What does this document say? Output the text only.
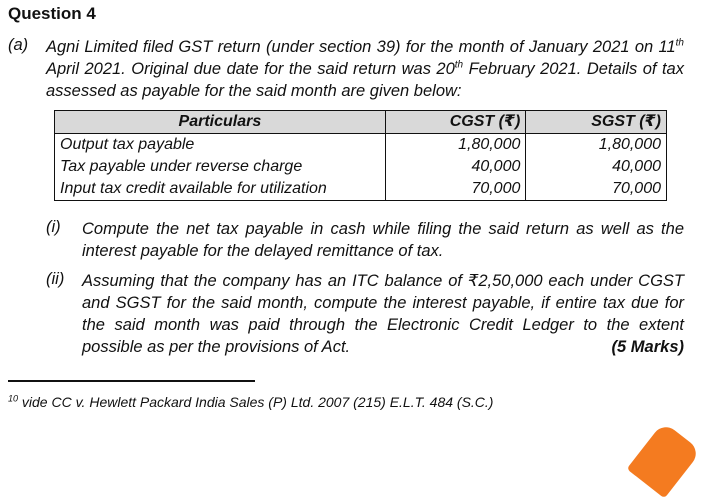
Question 4
(a) Agni Limited filed GST return (under section 39) for the month of January 2021 on 11th April 2021. Original due date for the said return was 20th February 2021. Details of tax assessed as payable for the said month are given below:
Particulars	CGST (₹)	SGST (₹)
Output tax payable	1,80,000	1,80,000
Tax payable under reverse charge	40,000	40,000
Input tax credit available for utilization	70,000	70,000
(i) Compute the net tax payable in cash while filing the said return as well as the interest payable for the delayed remittance of tax.
(ii) Assuming that the company has an ITC balance of ₹2,50,000 each under CGST and SGST for the said month, compute the interest payable, if entire tax due for the said month was paid through the Electronic Credit Ledger to the extent possible as per the provisions of Act.	(5 Marks)
$^{10}$ vide CC v. Hewlett Packard India Sales (P) Ltd. 2007 (215) E.L.T. 484 (S.C.)
